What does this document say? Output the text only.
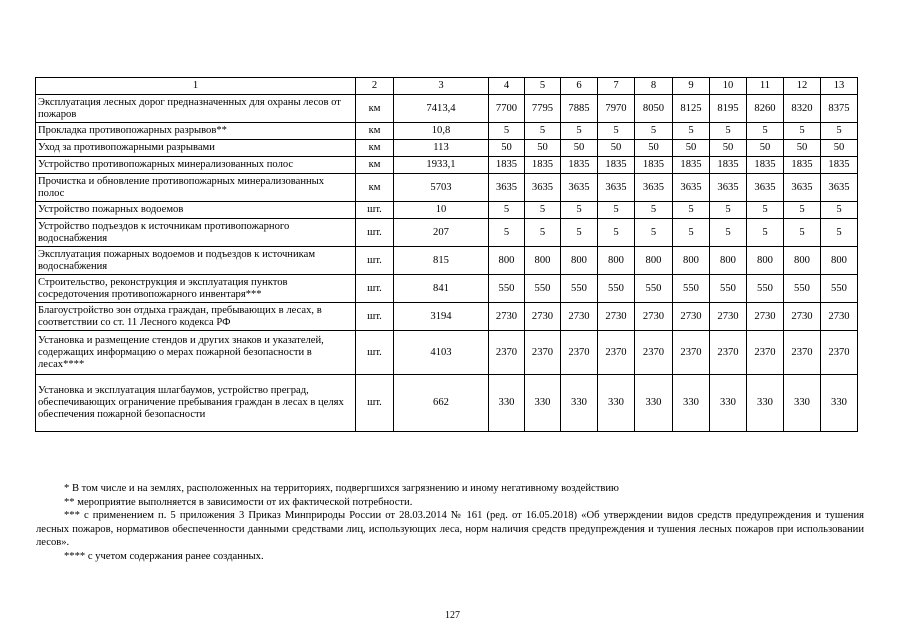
1	2	3	4	5	6	7	8	9	10	11	12	13
Эксплуатация лесных дорог предназначенных для охраны лесов от пожаров	км	7413,4	7700	7795	7885	7970	8050	8125	8195	8260	8320	8375
Прокладка противопожарных разрывов**	км	10,8	5	5	5	5	5	5	5	5	5	5
Уход за противопожарными разрывами	км	113	50	50	50	50	50	50	50	50	50	50
Устройство противопожарных минерализованных полос	км	1933,1	1835	1835	1835	1835	1835	1835	1835	1835	1835	1835
Прочистка и обновление противопожарных минерализованных полос	км	5703	3635	3635	3635	3635	3635	3635	3635	3635	3635	3635
Устройство пожарных водоемов	шт.	10	5	5	5	5	5	5	5	5	5	5
Устройство подъездов к источникам противопожарного водоснабжения	шт.	207	5	5	5	5	5	5	5	5	5	5
Эксплуатация пожарных водоемов и подъездов к источникам водоснабжения	шт.	815	800	800	800	800	800	800	800	800	800	800
Строительство, реконструкция и эксплуатация пунктов сосредоточения противопожарного инвентаря***	шт.	841	550	550	550	550	550	550	550	550	550	550
Благоустройство зон отдыха граждан, пребывающих в лесах, в соответствии со ст. 11 Лесного кодекса РФ	шт.	3194	2730	2730	2730	2730	2730	2730	2730	2730	2730	2730
Установка и размещение стендов и других знаков и указателей, содержащих информацию о мерах пожарной безопасности в лесах****	шт.	4103	2370	2370	2370	2370	2370	2370	2370	2370	2370	2370
Установка и эксплуатация шлагбаумов, устройство преград, обеспечивающих ограничение пребывания граждан в лесах в целях обеспечения пожарной безопасности	шт.	662	330	330	330	330	330	330	330	330	330	330

* В том числе и на землях, расположенных на территориях, подвергшихся загрязнению и иному негативному воздействию

** мероприятие выполняется в зависимости от их фактической потребности.

*** с применением п. 5 приложения 3 Приказ Минприроды России от 28.03.2014 № 161 (ред. от 16.05.2018) «Об утверждении видов средств предупреждения и тушения лесных пожаров, нормативов обеспеченности данными средствами лиц, использующих леса, норм наличия средств предупреждения и тушения лесных пожаров при использовании лесов».

**** с учетом содержания ранее созданных.

127
